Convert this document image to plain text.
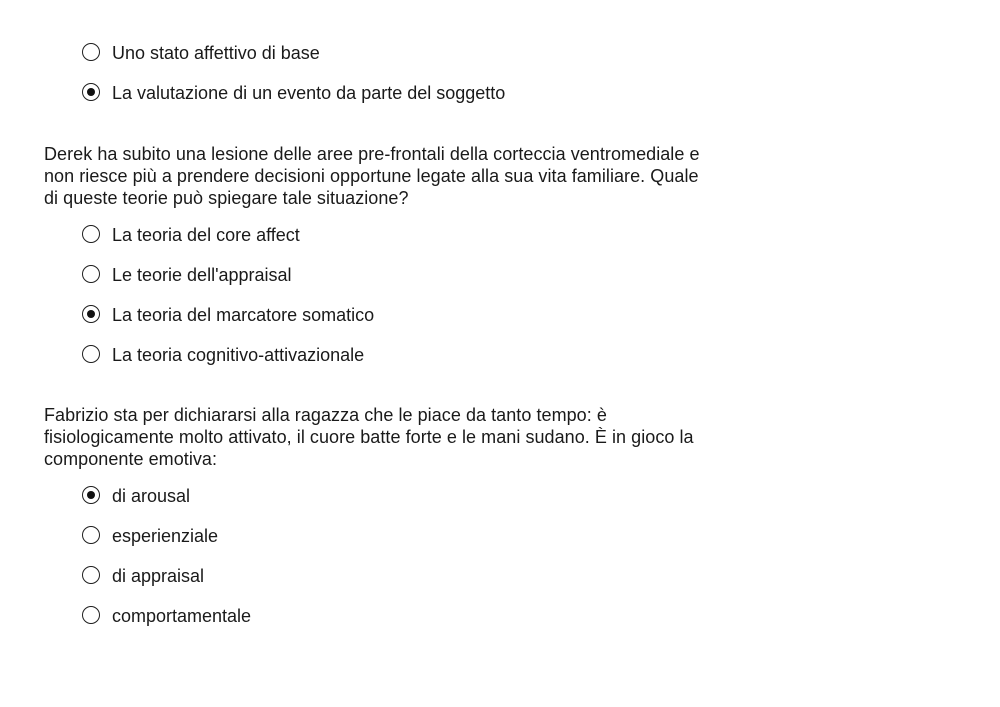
Uno stato affettivo di base
La valutazione di un evento da parte del soggetto

Derek ha subito una lesione delle aree pre-frontali della corteccia ventromediale e
non riesce più a prendere decisioni opportune legate alla sua vita familiare. Quale
di queste teorie può spiegare tale situazione?

La teoria del core affect
Le teorie dell'appraisal
La teoria del marcatore somatico
La teoria cognitivo-attivazionale

Fabrizio sta per dichiararsi alla ragazza che le piace da tanto tempo: è
fisiologicamente molto attivato, il cuore batte forte e le mani sudano. È in gioco la
componente emotiva:

di arousal
esperienziale
di appraisal
comportamentale
